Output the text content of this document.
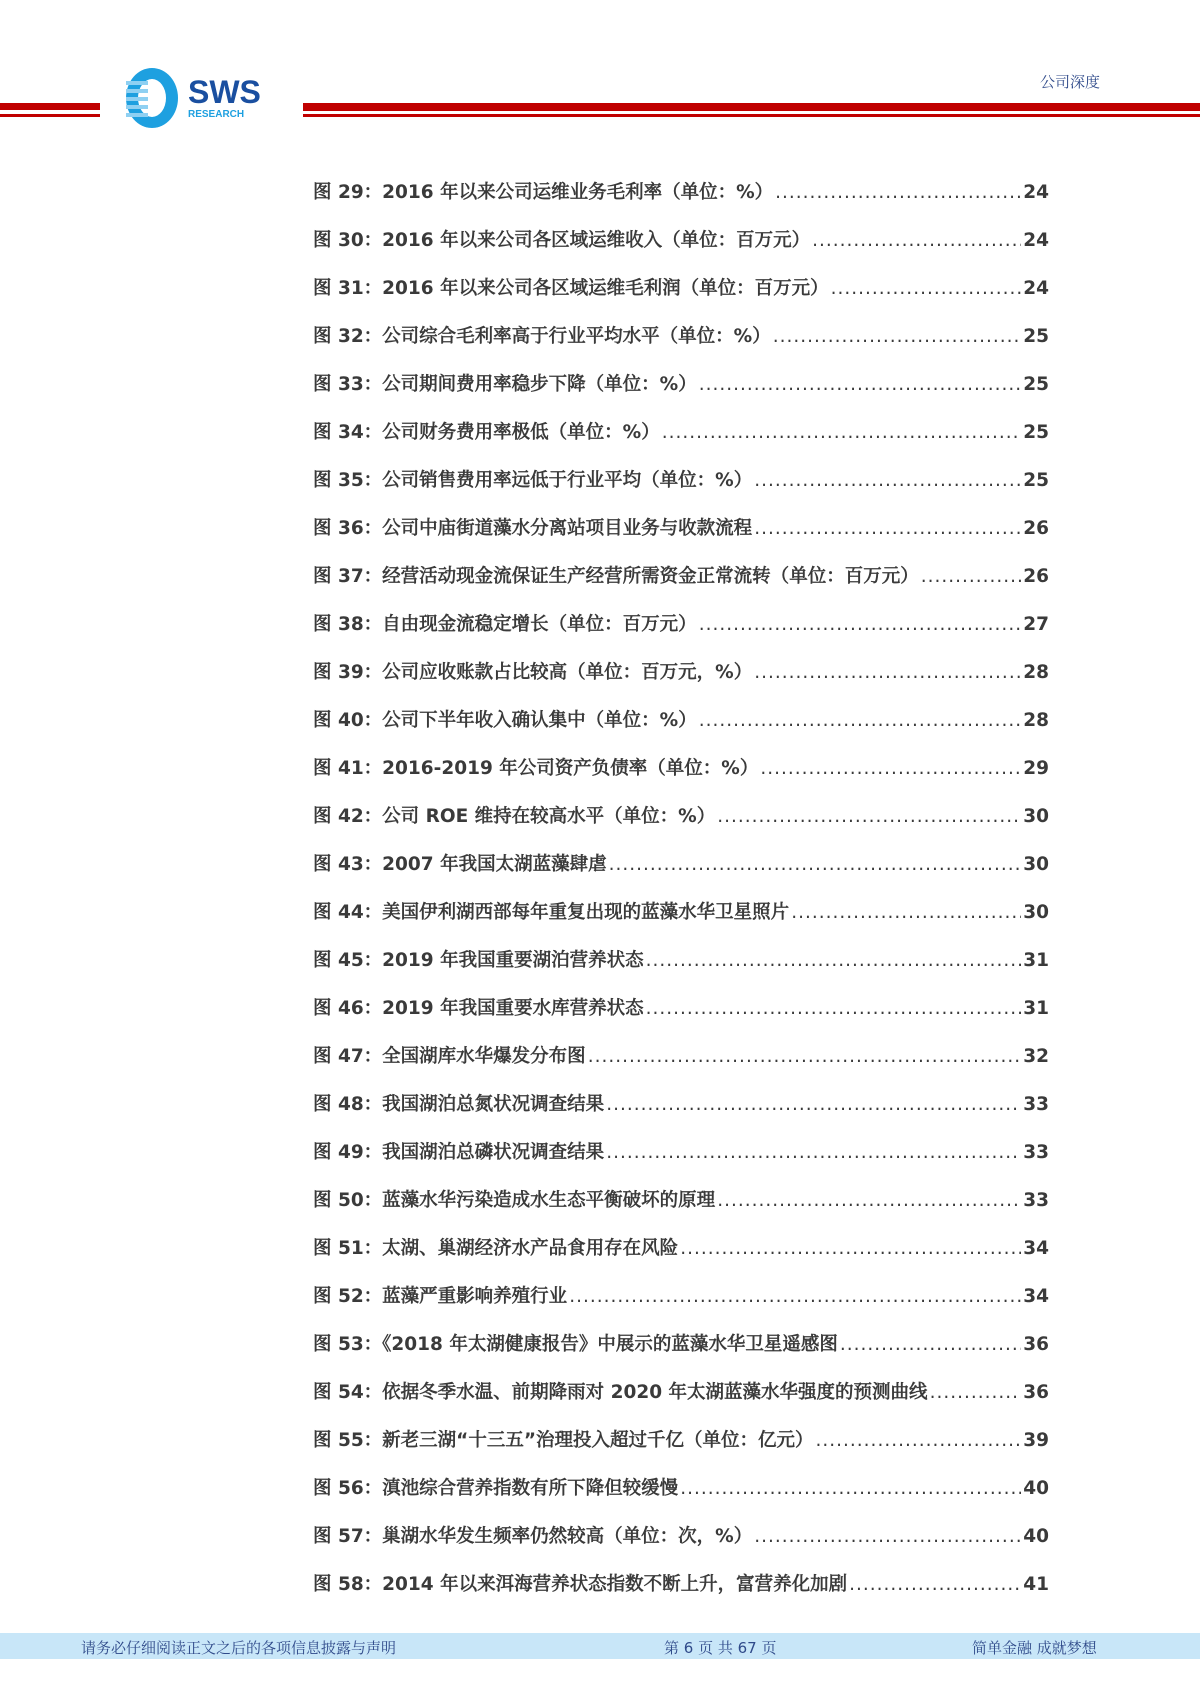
SWS
RESEARCH
公司深度
图 29：2016 年以来公司运维业务毛利率（单位：%） .....	24
图 30：2016 年以来公司各区域运维收入（单位：百万元） .....	24
图 31：2016 年以来公司各区域运维毛利润（单位：百万元） .....	24
图 32：公司综合毛利率高于行业平均水平（单位：%） .....	25
图 33：公司期间费用率稳步下降（单位：%） .....	25
图 34：公司财务费用率极低（单位：%） .....	25
图 35：公司销售费用率远低于行业平均（单位：%） .....	25
图 36：公司中庙街道藻水分离站项目业务与收款流程 .....	26
图 37：经营活动现金流保证生产经营所需资金正常流转（单位：百万元） .....	26
图 38：自由现金流稳定增长（单位：百万元） .....	27
图 39：公司应收账款占比较高（单位：百万元，%） .....	28
图 40：公司下半年收入确认集中（单位：%） .....	28
图 41：2016-2019 年公司资产负债率（单位：%） .....	29
图 42：公司 ROE 维持在较高水平（单位：%） .....	30
图 43：2007 年我国太湖蓝藻肆虐 .....	30
图 44：美国伊利湖西部每年重复出现的蓝藻水华卫星照片 .....	30
图 45：2019 年我国重要湖泊营养状态 .....	31
图 46：2019 年我国重要水库营养状态 .....	31
图 47：全国湖库水华爆发分布图 .....	32
图 48：我国湖泊总氮状况调查结果 .....	33
图 49：我国湖泊总磷状况调查结果 .....	33
图 50：蓝藻水华污染造成水生态平衡破坏的原理 .....	33
图 51：太湖、巢湖经济水产品食用存在风险 .....	34
图 52：蓝藻严重影响养殖行业 .....	34
图 53：《2018 年太湖健康报告》中展示的蓝藻水华卫星遥感图 .....	36
图 54：依据冬季水温、前期降雨对 2020 年太湖蓝藻水华强度的预测曲线 .....	36
图 55：新老三湖“十三五”治理投入超过千亿（单位：亿元） .....	39
图 56：滇池综合营养指数有所下降但较缓慢 .....	40
图 57：巢湖水华发生频率仍然较高（单位：次，%） .....	40
图 58：2014 年以来洱海营养状态指数不断上升，富营养化加剧 .....	41
请务必仔细阅读正文之后的各项信息披露与声明	第 6 页 共 67 页	简单金融 成就梦想
